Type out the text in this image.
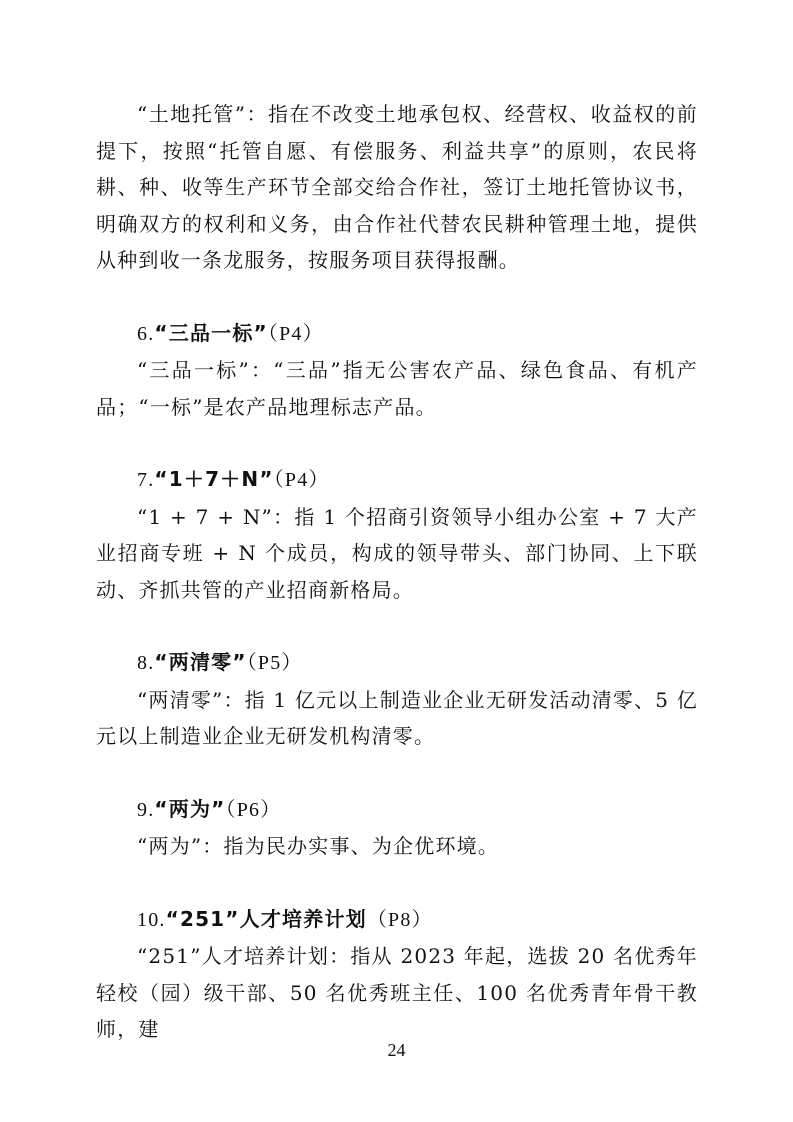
“土地托管”：指在不改变土地承包权、经营权、收益权的前提下，按照“托管自愿、有偿服务、利益共享”的原则，农民将耕、种、收等生产环节全部交给合作社，签订土地托管协议书，明确双方的权利和义务，由合作社代替农民耕种管理土地，提供从种到收一条龙服务，按服务项目获得报酬。

6.“三品一标”（P4）

“三品一标”：“三品”指无公害农产品、绿色食品、有机产品；“一标”是农产品地理标志产品。

7.“1＋7＋N”（P4）

“1 + 7 + N”：指 1 个招商引资领导小组办公室 + 7 大产业招商专班 + N 个成员，构成的领导带头、部门协同、上下联动、齐抓共管的产业招商新格局。

8.“两清零”（P5）

“两清零”：指 1 亿元以上制造业企业无研发活动清零、5 亿元以上制造业企业无研发机构清零。

9.“两为”（P6）

“两为”：指为民办实事、为企优环境。

10.“251”人才培养计划（P8）

“251”人才培养计划：指从 2023 年起，选拔 20 名优秀年轻校（园）级干部、50 名优秀班主任、100 名优秀青年骨干教师，建

24
